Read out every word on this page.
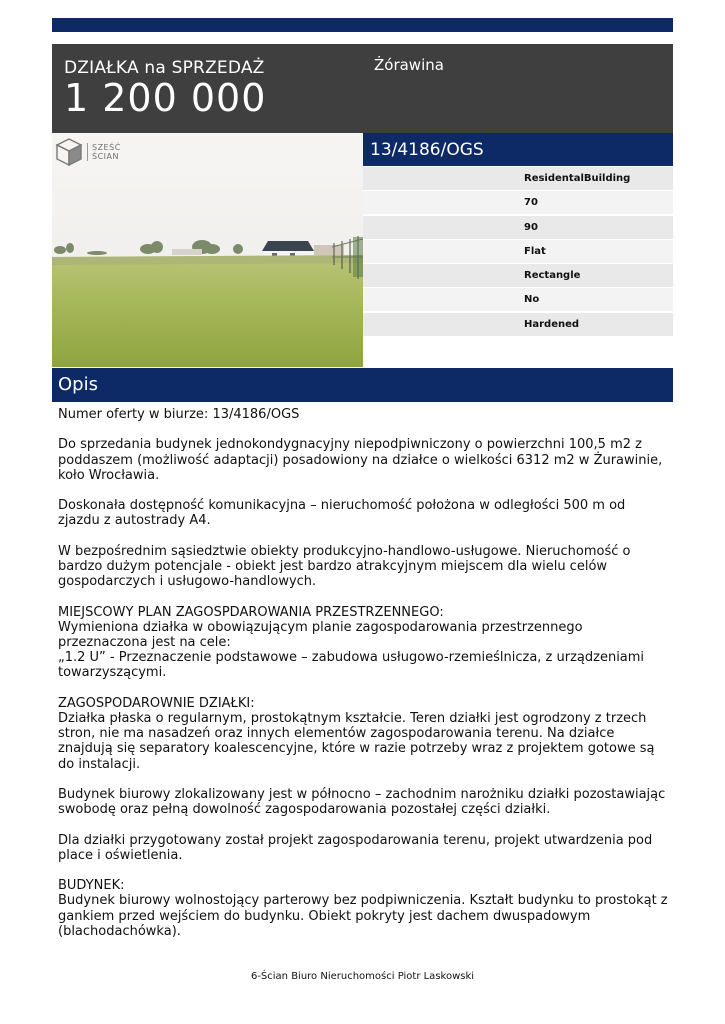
DZIAŁKA na SPRZEDAŻ
1 200 000
Żórawina
SZEŚĆ
ŚCIAN	13/4186/OGS
ResidentalBuilding
70
90
Flat
Rectangle
No
Hardened
Opis

Numer oferty w biurze: 13/4186/OGS

Do sprzedania budynek jednokondygnacyjny niepodpiwniczony o powierzchni 100,5 m2 z poddaszem (możliwość adaptacji) posadowiony na działce o wielkości 6312 m2 w Żurawinie, koło Wrocławia.

Doskonała dostępność komunikacyjna – nieruchomość położona w odległości 500 m od zjazdu z autostrady A4.

W bezpośrednim sąsiedztwie obiekty produkcyjno-handlowo-usługowe. Nieruchomość o bardzo dużym potencjale - obiekt jest bardzo atrakcyjnym miejscem dla wielu celów gospodarczych i usługowo-handlowych.

MIEJSCOWY PLAN ZAGOSPDARОWANIA PRZESTRZENNEGO:
Wymieniona działka w obowiązującym planie zagospodarowania przestrzennego przeznaczona jest na cele:
„1.2 U” - Przeznaczenie podstawowe – zabudowa usługowo-rzemieślnicza, z urządzeniami towarzyszącymi.

ZAGOSPODAROWNIE DZIAŁKI:
Działka płaska o regularnym, prostokątnym kształcie. Teren działki jest ogrodzony z trzech stron, nie ma nasadzeń oraz innych elementów zagospodarowania terenu. Na działce znajdują się separatory koalescencyjne, które w razie potrzeby wraz z projektem gotowe są do instalacji.

Budynek biurowy zlokalizowany jest w północno – zachodnim narożniku działki pozostawiając swobodę oraz pełną dowolność zagospodarowania pozostałej części działki.

Dla działki przygotowany został projekt zagospodarowania terenu, projekt utwardzenia pod place i oświetlenia.

BUDYNEK:
Budynek biurowy wolnostojący parterowy bez podpiwniczenia. Kształt budynku to prostokąt z gankiem przed wejściem do budynku. Obiekt pokryty jest dachem dwuspadowym (blachodachówka).

6-Ścian Biuro Nieruchomości Piotr Laskowski
